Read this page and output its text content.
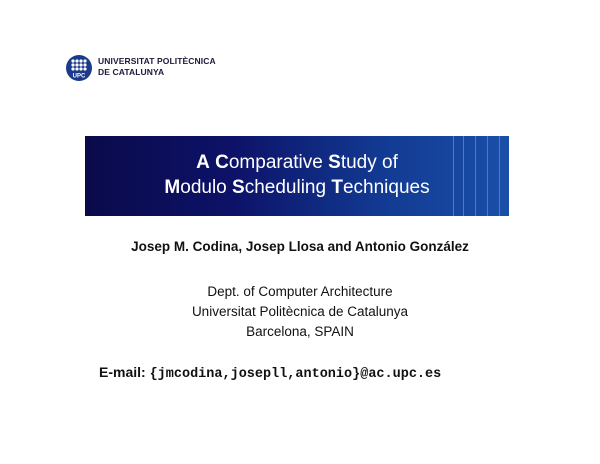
UPC
UNIVERSITAT POLITÈCNICA
DE CATALUNYA
A Comparative Study of
Modulo Scheduling Techniques
Josep M. Codina, Josep Llosa and Antonio González
Dept. of Computer Architecture
Universitat Politècnica de Catalunya
Barcelona, SPAIN
E-mail: {jmcodina,josepll,antonio}@ac.upc.es
